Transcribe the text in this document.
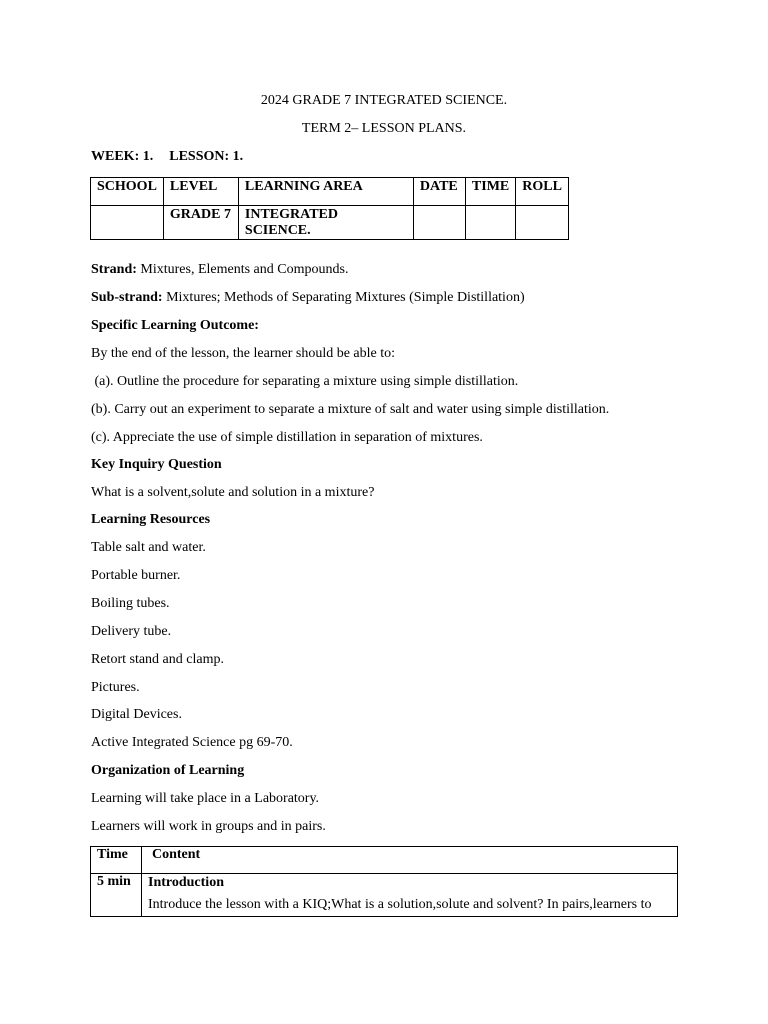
2024 GRADE 7 INTEGRATED SCIENCE.
TERM 2– LESSON PLANS.
WEEK: 1. LESSON: 1.
SCHOOL	LEVEL	LEARNING AREA	DATE	TIME	ROLL
	GRADE 7	INTEGRATED SCIENCE.			
Strand: Mixtures, Elements and Compounds.
Sub-strand: Mixtures; Methods of Separating Mixtures (Simple Distillation)
Specific Learning Outcome:
By the end of the lesson, the learner should be able to:
(a). Outline the procedure for separating a mixture using simple distillation.
(b). Carry out an experiment to separate a mixture of salt and water using simple distillation.
(c). Appreciate the use of simple distillation in separation of mixtures.
Key Inquiry Question
What is a solvent,solute and solution in a mixture?
Learning Resources
Table salt and water.
Portable burner.
Boiling tubes.
Delivery tube.
Retort stand and clamp.
Pictures.
Digital Devices.
Active Integrated Science pg 69-70.
Organization of Learning
Learning will take place in a Laboratory.
Learners will work in groups and in pairs.
Time	Content
5 min	Introduction
Introduce the lesson with a KIQ;What is a solution,solute and solvent? In pairs,learners to
